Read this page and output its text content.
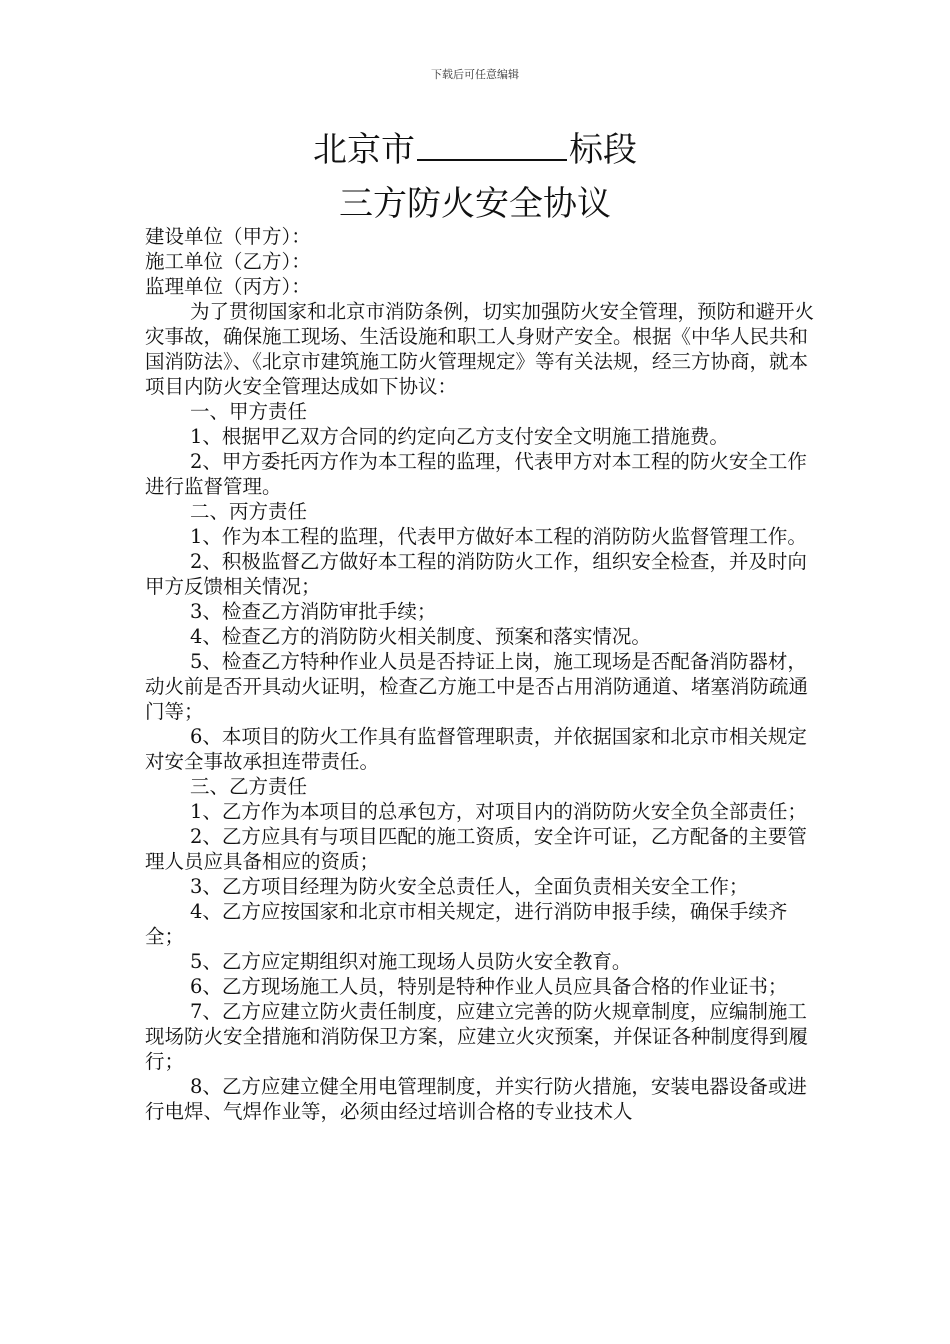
下载后可任意编辑
北京市	标段
三方防火安全协议

建设单位（甲方）：

施工单位（乙方）：

监理单位（丙方）：

为了贯彻国家和北京市消防条例，切实加强防火安全管理，预防和避开火灾事故，确保施工现场、生活设施和职工人身财产安全。根据《中华人民共和国消防法》、《北京市建筑施工防火管理规定》等有关法规，经三方协商，就本项目内防火安全管理达成如下协议：

一、甲方责任

1、根据甲乙双方合同的约定向乙方支付安全文明施工措施费。

2、甲方委托丙方作为本工程的监理，代表甲方对本工程的防火安全工作进行监督管理。

二、丙方责任

1、作为本工程的监理，代表甲方做好本工程的消防防火监督管理工作。

2、积极监督乙方做好本工程的消防防火工作，组织安全检查，并及时向甲方反馈相关情况；

3、检查乙方消防审批手续；

4、检查乙方的消防防火相关制度、预案和落实情况。

5、检查乙方特种作业人员是否持证上岗，施工现场是否配备消防器材，动火前是否开具动火证明，检查乙方施工中是否占用消防通道、堵塞消防疏通门等；

6、本项目的防火工作具有监督管理职责，并依据国家和北京市相关规定对安全事故承担连带责任。

三、乙方责任

1、乙方作为本项目的总承包方，对项目内的消防防火安全负全部责任；

2、乙方应具有与项目匹配的施工资质，安全许可证，乙方配备的主要管理人员应具备相应的资质；

3、乙方项目经理为防火安全总责任人，全面负责相关安全工作；

4、乙方应按国家和北京市相关规定，进行消防申报手续，确保手续齐全；

5、乙方应定期组织对施工现场人员防火安全教育。

6、乙方现场施工人员，特别是特种作业人员应具备合格的作业证书；

7、乙方应建立防火责任制度，应建立完善的防火规章制度，应编制施工现场防火安全措施和消防保卫方案，应建立火灾预案，并保证各种制度得到履行；

8、乙方应建立健全用电管理制度，并实行防火措施，安装电器设备或进行电焊、气焊作业等，必须由经过培训合格的专业技术人
